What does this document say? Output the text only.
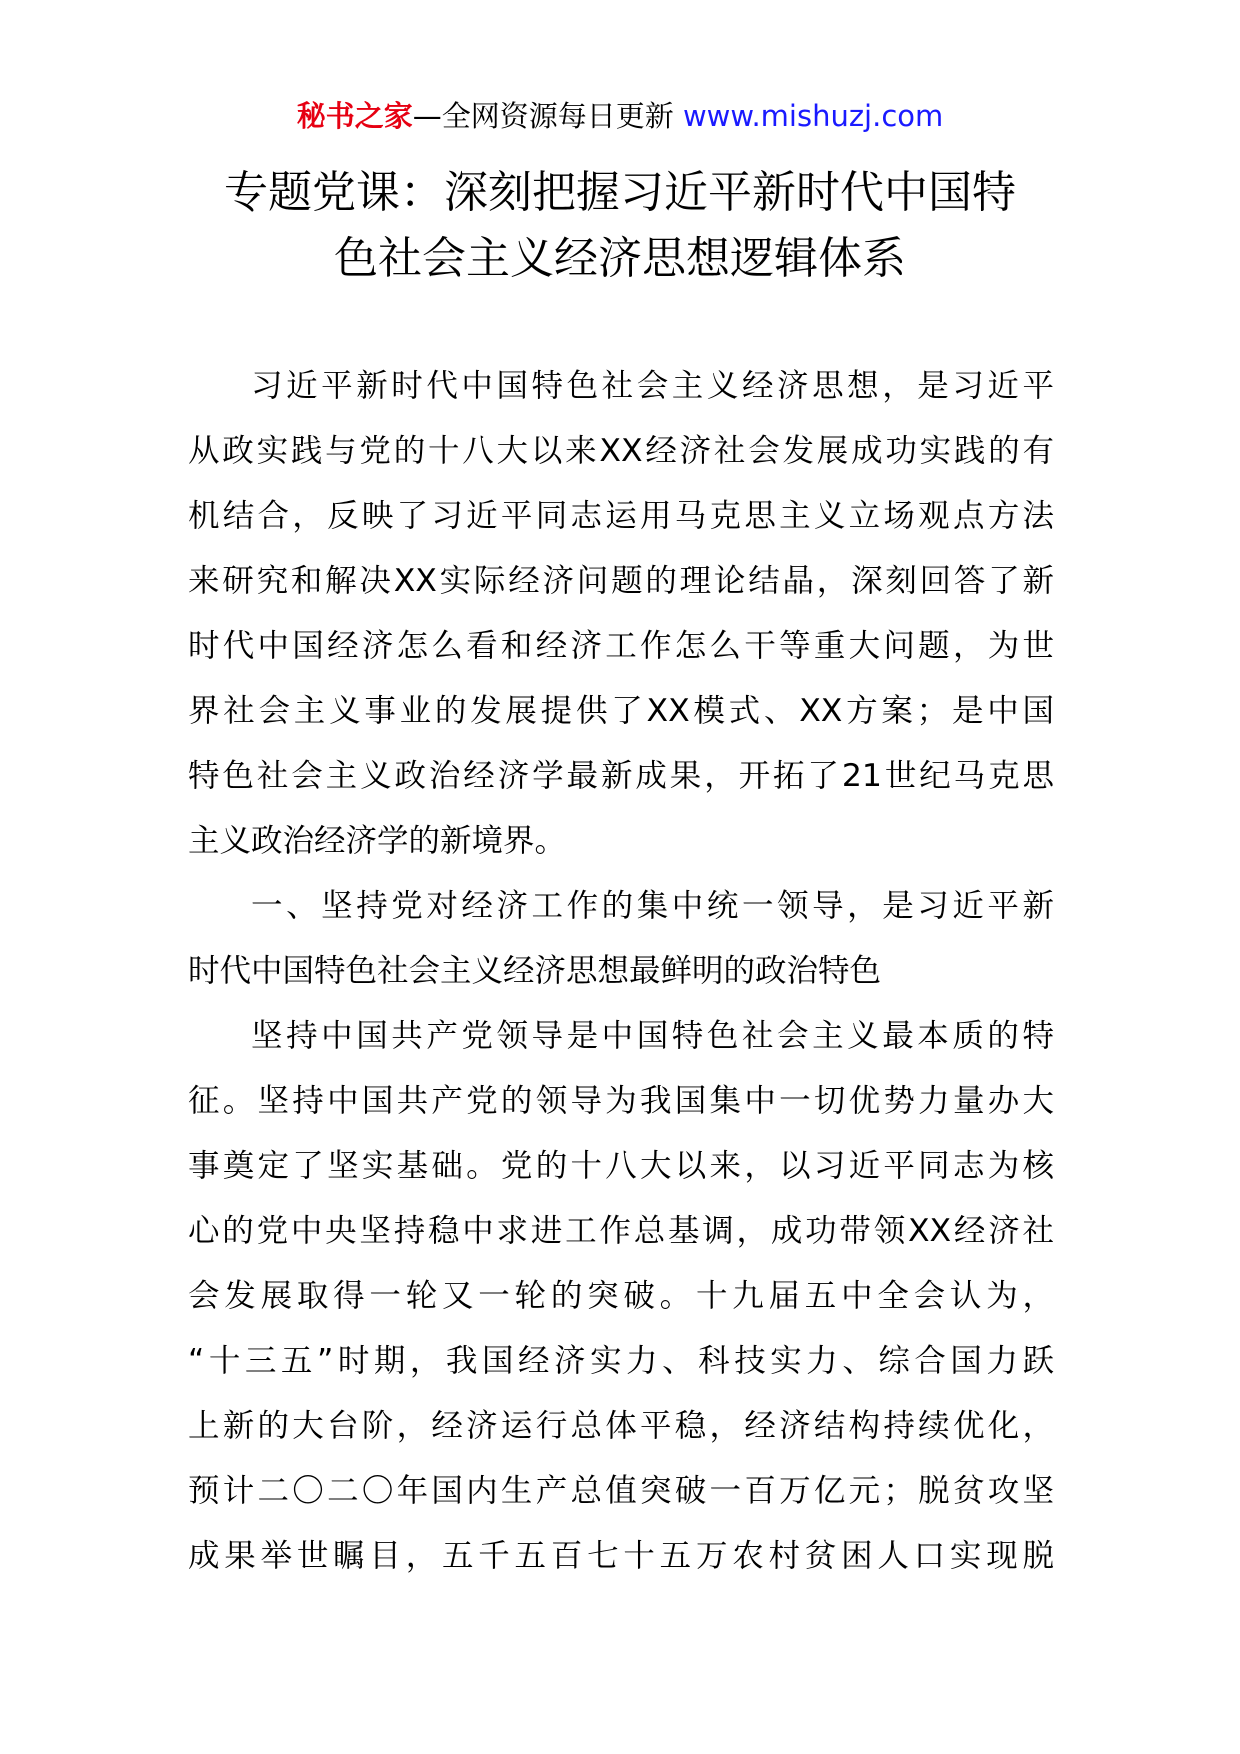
秘书之家—全网资源每日更新 www.mishuzj.com
专题党课：深刻把握习近平新时代中国特
色社会主义经济思想逻辑体系
习近平新时代中国特色社会主义经济思想，是习近平
从政实践与党的十八大以来XX经济社会发展成功实践的有
机结合，反映了习近平同志运用马克思主义立场观点方法
来研究和解决XX实际经济问题的理论结晶，深刻回答了新
时代中国经济怎么看和经济工作怎么干等重大问题，为世
界社会主义事业的发展提供了XX模式、XX方案；是中国
特色社会主义政治经济学最新成果，开拓了21世纪马克思
主义政治经济学的新境界。
一、坚持党对经济工作的集中统一领导，是习近平新
时代中国特色社会主义经济思想最鲜明的政治特色
坚持中国共产党领导是中国特色社会主义最本质的特
征。坚持中国共产党的领导为我国集中一切优势力量办大
事奠定了坚实基础。党的十八大以来，以习近平同志为核
心的党中央坚持稳中求进工作总基调，成功带领XX经济社
会发展取得一轮又一轮的突破。十九届五中全会认为，
“十三五”时期，我国经济实力、科技实力、综合国力跃
上新的大台阶，经济运行总体平稳，经济结构持续优化，
预计二〇二〇年国内生产总值突破一百万亿元；脱贫攻坚
成果举世瞩目，五千五百七十五万农村贫困人口实现脱
